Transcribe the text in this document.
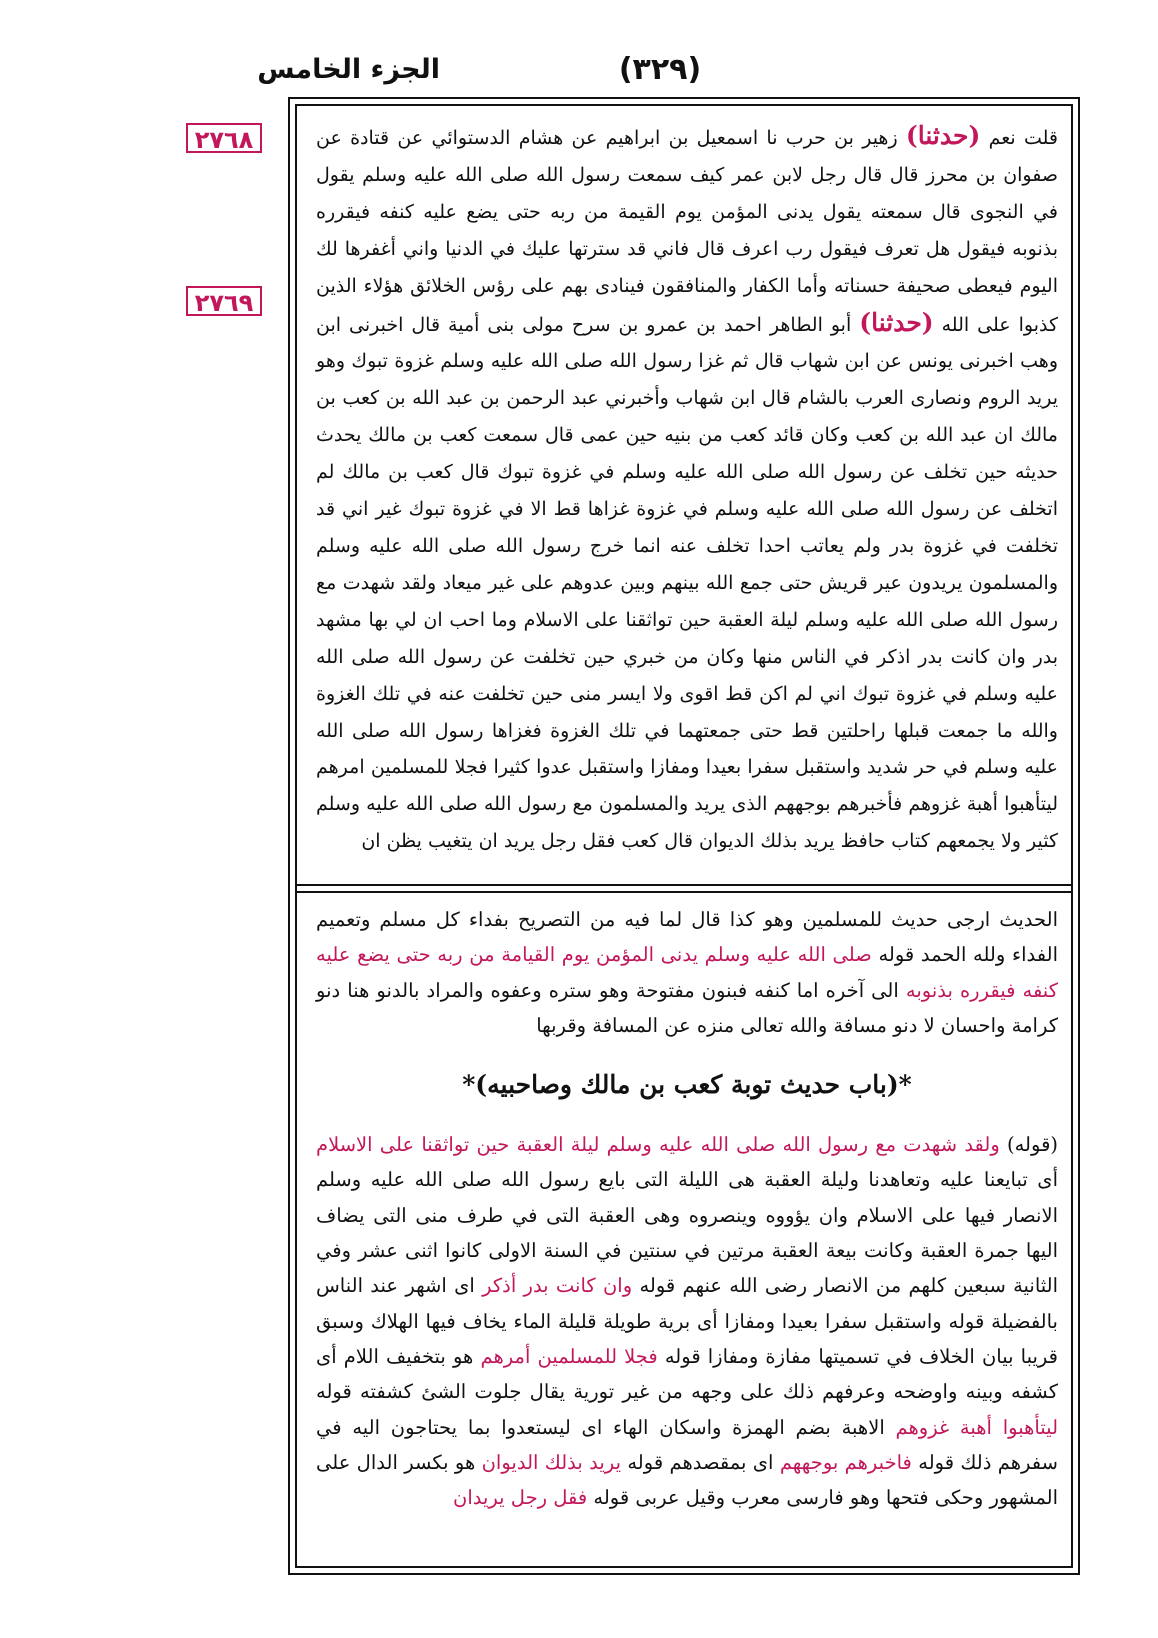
(٣٢٩)
الجزء الخامس
٢٧٦٨
٢٧٦٩
قلت نعم (حدثنا) زهير بن حرب نا اسمعيل بن ابراهيم عن هشام الدستوائي عن قتادة عن صفوان بن محرز قال قال رجل لابن عمر كيف سمعت رسول الله صلى الله عليه وسلم يقول في النجوى قال سمعته يقول يدنى المؤمن يوم القيمة من ربه حتى يضع عليه كنفه فيقرره بذنوبه فيقول هل تعرف فيقول رب اعرف قال فاني قد سترتها عليك في الدنيا واني أغفرها لك اليوم فيعطى صحيفة حسناته وأما الكفار والمنافقون فينادى بهم على رؤس الخلائق هؤلاء الذين كذبوا على الله (حدثنا) أبو الطاهر احمد بن عمرو بن سرح مولى بنى أمية قال اخبرنى ابن وهب اخبرنى يونس عن ابن شهاب قال ثم غزا رسول الله صلى الله عليه وسلم غزوة تبوك وهو يريد الروم ونصارى العرب بالشام قال ابن شهاب وأخبرني عبد الرحمن بن عبد الله بن كعب بن مالك ان عبد الله بن كعب وكان قائد كعب من بنيه حين عمى قال سمعت كعب بن مالك يحدث حديثه حين تخلف عن رسول الله صلى الله عليه وسلم في غزوة تبوك قال كعب بن مالك لم اتخلف عن رسول الله صلى الله عليه وسلم في غزوة غزاها قط الا في غزوة تبوك غير اني قد تخلفت في غزوة بدر ولم يعاتب احدا تخلف عنه انما خرج رسول الله صلى الله عليه وسلم والمسلمون يريدون عير قريش حتى جمع الله بينهم وبين عدوهم على غير ميعاد ولقد شهدت مع رسول الله صلى الله عليه وسلم ليلة العقبة حين تواثقنا على الاسلام وما احب ان لي بها مشهد بدر وان كانت بدر اذكر في الناس منها وكان من خبري حين تخلفت عن رسول الله صلى الله عليه وسلم في غزوة تبوك اني لم اكن قط اقوى ولا ايسر منى حين تخلفت عنه في تلك الغزوة والله ما جمعت قبلها راحلتين قط حتى جمعتهما في تلك الغزوة فغزاها رسول الله صلى الله عليه وسلم في حر شديد واستقبل سفرا بعيدا ومفازا واستقبل عدوا كثيرا فجلا للمسلمين امرهم ليتأهبوا أهبة غزوهم فأخبرهم بوجههم الذى يريد والمسلمون مع رسول الله صلى الله عليه وسلم كثير ولا يجمعهم كتاب حافظ يريد بذلك الديوان قال كعب فقل رجل يريد ان يتغيب يظن ان

الحديث ارجى حديث للمسلمين وهو كذا قال لما فيه من التصريح بفداء كل مسلم وتعميم الفداء ولله الحمد قوله صلى الله عليه وسلم يدنى المؤمن يوم القيامة من ربه حتى يضع عليه كنفه فيقرره بذنوبه الى آخره اما كنفه فبنون مفتوحة وهو ستره وعفوه والمراد بالدنو هنا دنو كرامة واحسان لا دنو مسافة والله تعالى منزه عن المسافة وقربها

*(باب حديث توبة كعب بن مالك وصاحبيه)*

(قوله) ولقد شهدت مع رسول الله صلى الله عليه وسلم ليلة العقبة حين تواثقنا على الاسلام أى تبايعنا عليه وتعاهدنا وليلة العقبة هى الليلة التى بايع رسول الله صلى الله عليه وسلم الانصار فيها على الاسلام وان يؤووه وينصروه وهى العقبة التى في طرف منى التى يضاف اليها جمرة العقبة وكانت بيعة العقبة مرتين في سنتين في السنة الاولى كانوا اثنى عشر وفي الثانية سبعين كلهم من الانصار رضى الله عنهم قوله وان كانت بدر أذكر اى اشهر عند الناس بالفضيلة قوله واستقبل سفرا بعيدا ومفازا أى برية طويلة قليلة الماء يخاف فيها الهلاك وسبق قريبا بيان الخلاف في تسميتها مفازة ومفازا قوله فجلا للمسلمين أمرهم هو بتخفيف اللام أى كشفه وبينه واوضحه وعرفهم ذلك على وجهه من غير تورية يقال جلوت الشئ كشفته قوله ليتأهبوا أهبة غزوهم الاهبة بضم الهمزة واسكان الهاء اى ليستعدوا بما يحتاجون اليه في سفرهم ذلك قوله فاخبرهم بوجههم اى بمقصدهم قوله يريد بذلك الديوان هو بكسر الدال على المشهور وحكى فتحها وهو فارسى معرب وقيل عربى قوله فقل رجل يريدان
